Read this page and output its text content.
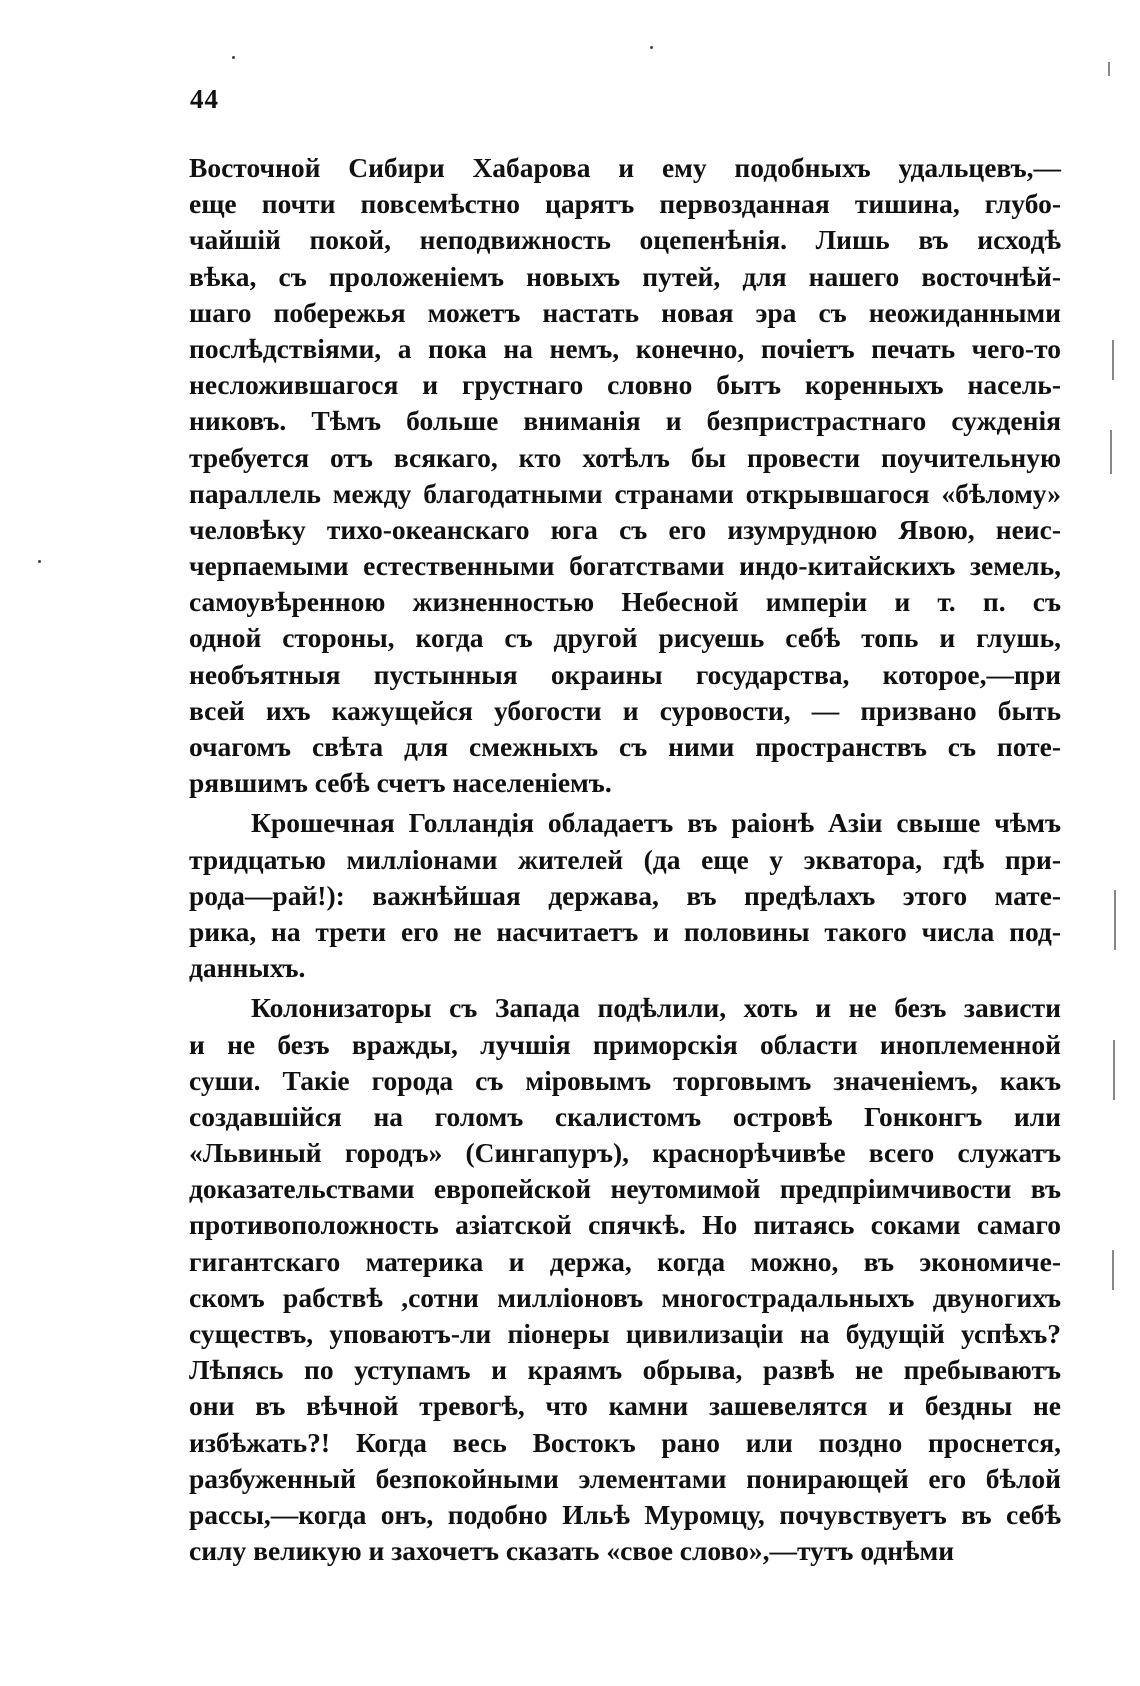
44
Восточной Сибири Хабарова и ему подобныхъ удальцевъ,—
еще почти повсемѣстно царятъ первозданная тишина, глубо-
чайшій покой, неподвижность оцепенѣнія. Лишь въ исходѣ
вѣка, съ проложеніемъ новыхъ путей, для нашего восточнѣй-
шаго побережья можетъ настать новая эра съ неожиданными
послѣдствіями, а пока на немъ, конечно, почіетъ печать чего-то
несложившагося и грустнаго словно бытъ коренныхъ насель-
никовъ. Тѣмъ больше вниманія и безпристрастнаго сужденія
требуется отъ всякаго, кто хотѣлъ бы провести поучительную
параллель между благодатными странами открывшагося «бѣлому»
человѣку тихо-океанскаго юга съ его изумрудною Явою, неис-
черпаемыми естественными богатствами индо-китайскихъ земель,
самоувѣренною жизненностью Небесной имперіи и т. п. съ
одной стороны, когда съ другой рисуешь себѣ топь и глушь,
необъятныя пустынныя окраины государства, которое,—при
всей ихъ кажущейся убогости и суровости, — призвано быть
очагомъ свѣта для смежныхъ съ ними пространствъ съ поте-
рявшимъ себѣ счетъ населеніемъ.
Крошечная Голландія обладаетъ въ раіонѣ Азіи свыше чѣмъ
тридцатью милліонами жителей (да еще у экватора, гдѣ при-
рода—рай!): важнѣйшая держава, въ предѣлахъ этого мате-
рика, на трети его не насчитаетъ и половины такого числа под-
данныхъ.
Колонизаторы съ Запада подѣлили, хоть и не безъ зависти
и не безъ вражды, лучшія приморскія области иноплеменной
суши. Такіе города съ міровымъ торговымъ значеніемъ, какъ
создавшійся на голомъ скалистомъ островѣ Гонконгъ или
«Львиный городъ» (Сингапуръ), краснорѣчивѣе всего служатъ
доказательствами европейской неутомимой предпріимчивости въ
противоположность азіатской спячкѣ. Но питаясь соками самаго
гигантскаго материка и держа, когда можно, въ экономиче-
скомъ рабствѣ ,сотни милліоновъ многострадальныхъ двуногихъ
существъ, уповаютъ-ли піонеры цивилизаціи на будущій успѣхъ?
Лѣпясь по уступамъ и краямъ обрыва, развѣ не пребываютъ
они въ вѣчной тревогѣ, что камни зашевелятся и бездны не
избѣжать?! Когда весь Востокъ рано или поздно проснется,
разбуженный безпокойными элементами понирающей его бѣлой
рассы,—когда онъ, подобно Ильѣ Муромцу, почувствуетъ въ себѣ
силу великую и захочетъ сказать «свое слово»,—тутъ однѣми
